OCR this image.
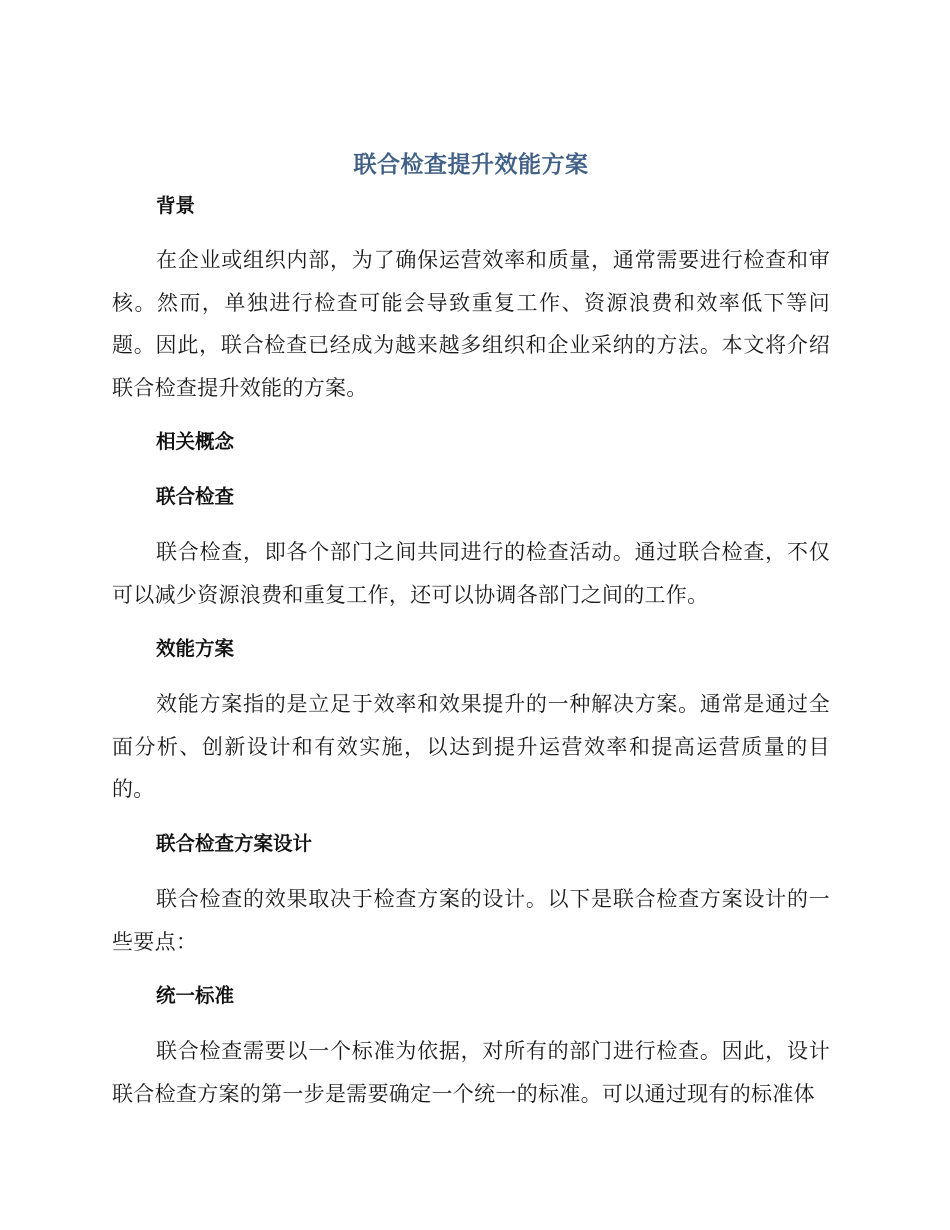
联合检查提升效能方案
背景
在企业或组织内部，为了确保运营效率和质量，通常需要进行检查和审核。然而，单独进行检查可能会导致重复工作、资源浪费和效率低下等问题。因此，联合检查已经成为越来越多组织和企业采纳的方法。本文将介绍联合检查提升效能的方案。
相关概念
联合检查
联合检查，即各个部门之间共同进行的检查活动。通过联合检查，不仅可以减少资源浪费和重复工作，还可以协调各部门之间的工作。
效能方案
效能方案指的是立足于效率和效果提升的一种解决方案。通常是通过全面分析、创新设计和有效实施，以达到提升运营效率和提高运营质量的目的。
联合检查方案设计
联合检查的效果取决于检查方案的设计。以下是联合检查方案设计的一些要点：
统一标准
联合检查需要以一个标准为依据，对所有的部门进行检查。因此，设计联合检查方案的第一步是需要确定一个统一的标准。可以通过现有的标准体
